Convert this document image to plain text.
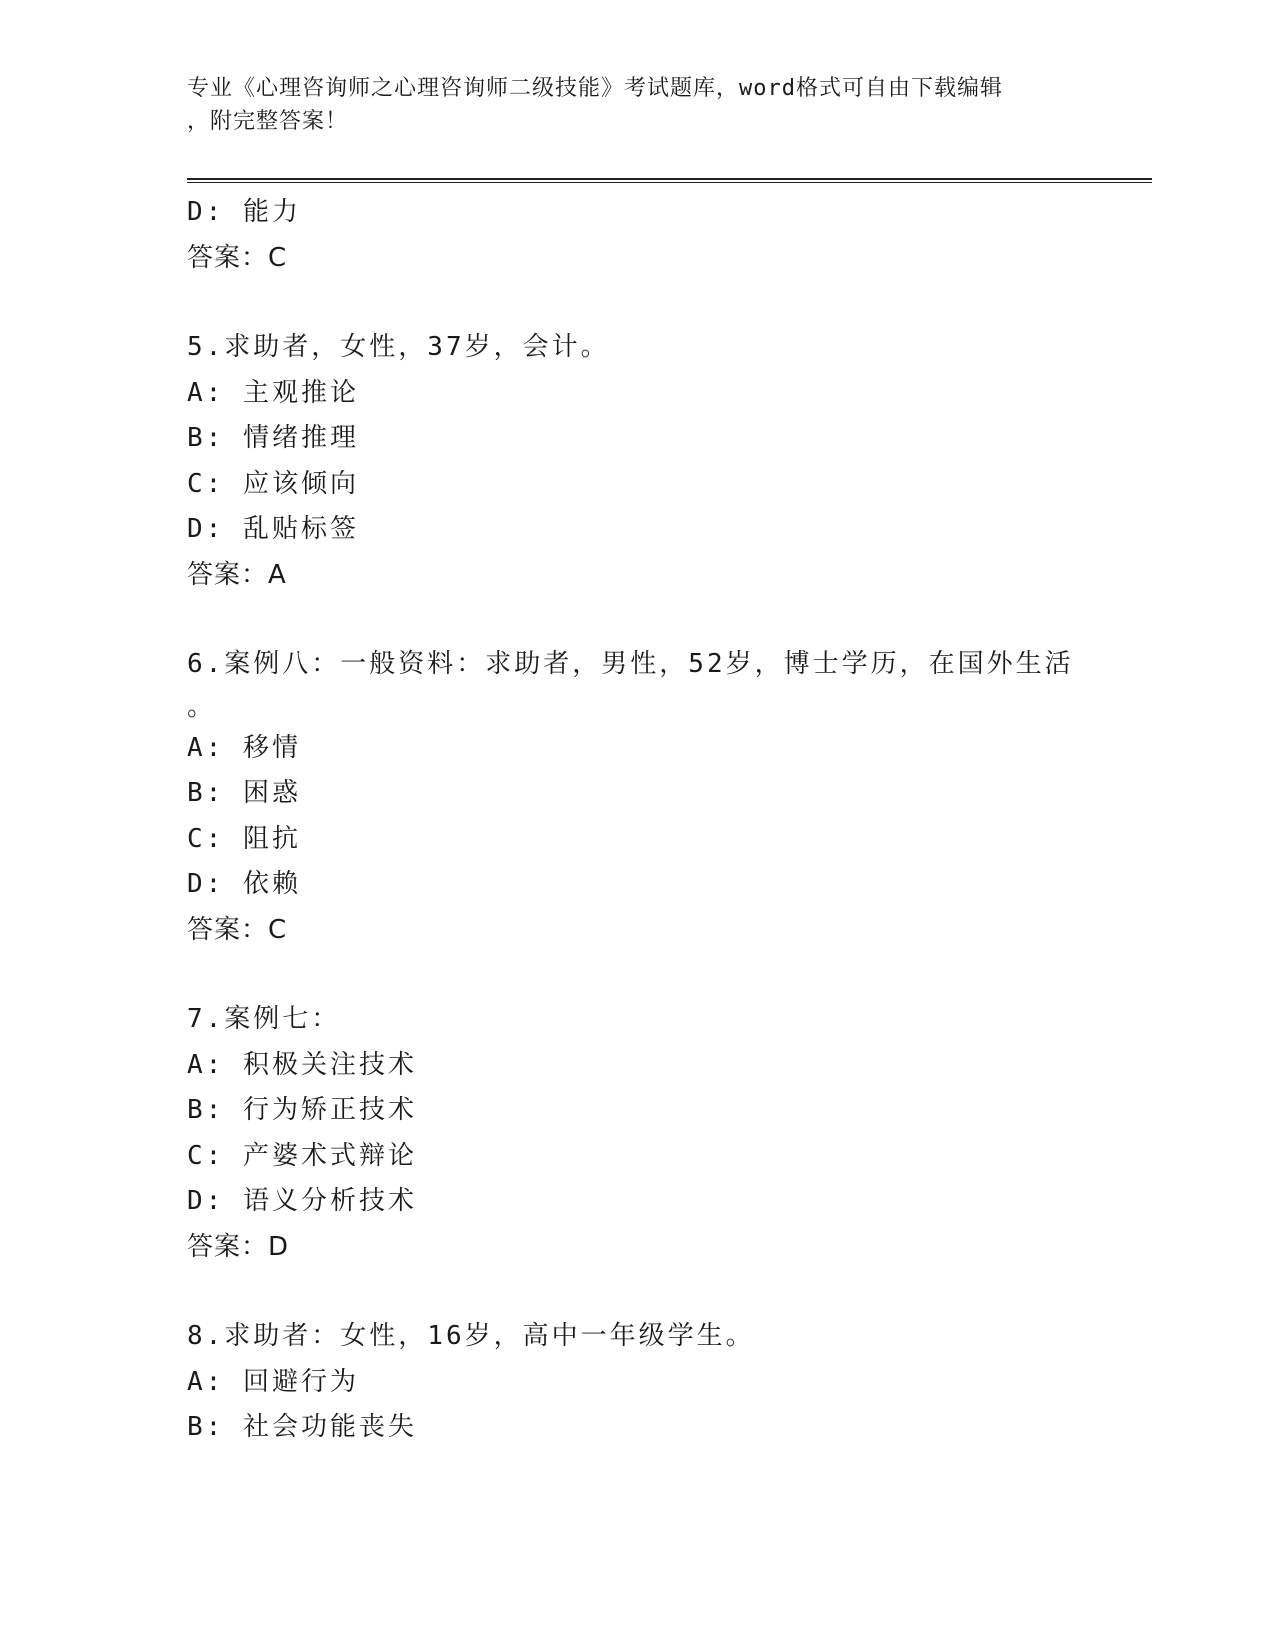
专业《心理咨询师之心理咨询师二级技能》考试题库，word格式可自由下载编辑
，附完整答案！
D: 能力
答案：C
5.求助者，女性，37岁，会计。
A: 主观推论
B: 情绪推理
C: 应该倾向
D: 乱贴标签
答案：A
6.案例八：一般资料：求助者，男性，52岁，博士学历，在国外生活
。
A: 移情
B: 困惑
C: 阻抗
D: 依赖
答案：C
7.案例七：
A: 积极关注技术
B: 行为矫正技术
C: 产婆术式辩论
D: 语义分析技术
答案：D
8.求助者：女性，16岁，高中一年级学生。
A: 回避行为
B: 社会功能丧失
